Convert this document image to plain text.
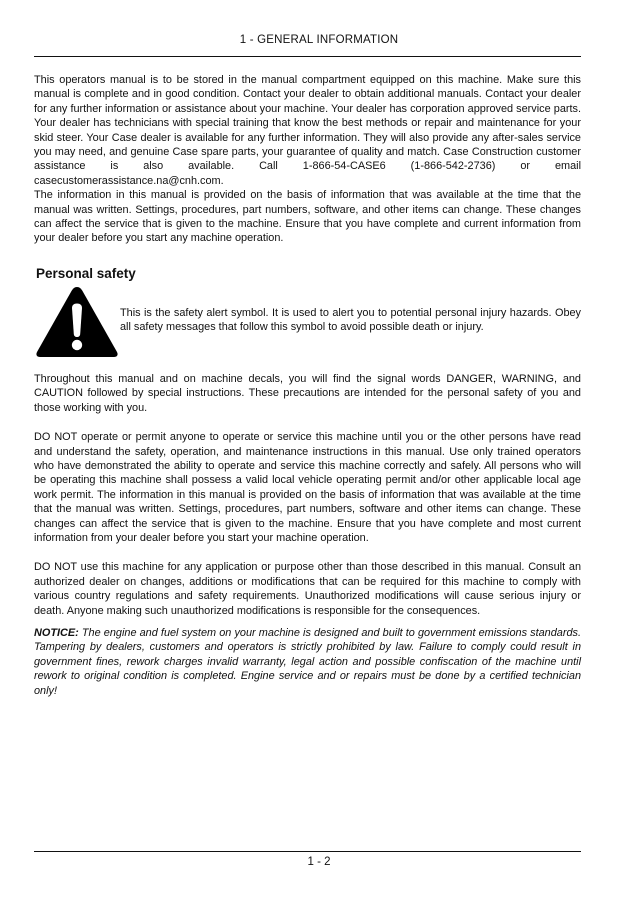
1 - GENERAL INFORMATION

This operators manual is to be stored in the manual compartment equipped on this machine. Make sure this manual is complete and in good condition. Contact your dealer to obtain additional manuals. Contact your dealer for any further information or assistance about your machine. Your dealer has corporation approved service parts. Your dealer has technicians with special training that know the best methods or repair and maintenance for your skid steer. Your Case dealer is available for any further information. They will also provide any after-sales service you may need, and genuine Case spare parts, your guarantee of quality and match. Case Construction customer assistance is also available. Call 1-866-54-CASE6 (1-866-542-2736) or email casecustomerassistance.na@cnh.com.

The information in this manual is provided on the basis of information that was available at the time that the manual was written. Settings, procedures, part numbers, software, and other items can change. These changes can affect the service that is given to the machine. Ensure that you have complete and current information from your dealer before you start any machine operation.

Personal safety

This is the safety alert symbol. It is used to alert you to potential personal injury hazards. Obey all safety messages that follow this symbol to avoid possible death or injury.

Throughout this manual and on machine decals, you will find the signal words DANGER, WARNING, and CAUTION followed by special instructions. These precautions are intended for the personal safety of you and those working with you.

DO NOT operate or permit anyone to operate or service this machine until you or the other persons have read and understand the safety, operation, and maintenance instructions in this manual. Use only trained operators who have demonstrated the ability to operate and service this machine correctly and safely. All persons who will be operating this machine shall possess a valid local vehicle operating permit and/or other applicable local age work permit. The information in this manual is provided on the basis of information that was available at the time that the manual was written. Settings, procedures, part numbers, software and other items can change. These changes can affect the service that is given to the machine. Ensure that you have complete and most current information from your dealer before you start your machine operation.

DO NOT use this machine for any application or purpose other than those described in this manual. Consult an authorized dealer on changes, additions or modifications that can be required for this machine to comply with various country regulations and safety requirements. Unauthorized modifications will cause serious injury or death. Anyone making such unauthorized modifications is responsible for the consequences.

NOTICE: The engine and fuel system on your machine is designed and built to government emissions standards. Tampering by dealers, customers and operators is strictly prohibited by law. Failure to comply could result in government fines, rework charges invalid warranty, legal action and possible confiscation of the machine until rework to original condition is completed. Engine service and or repairs must be done by a certified technician only!

1 - 2
